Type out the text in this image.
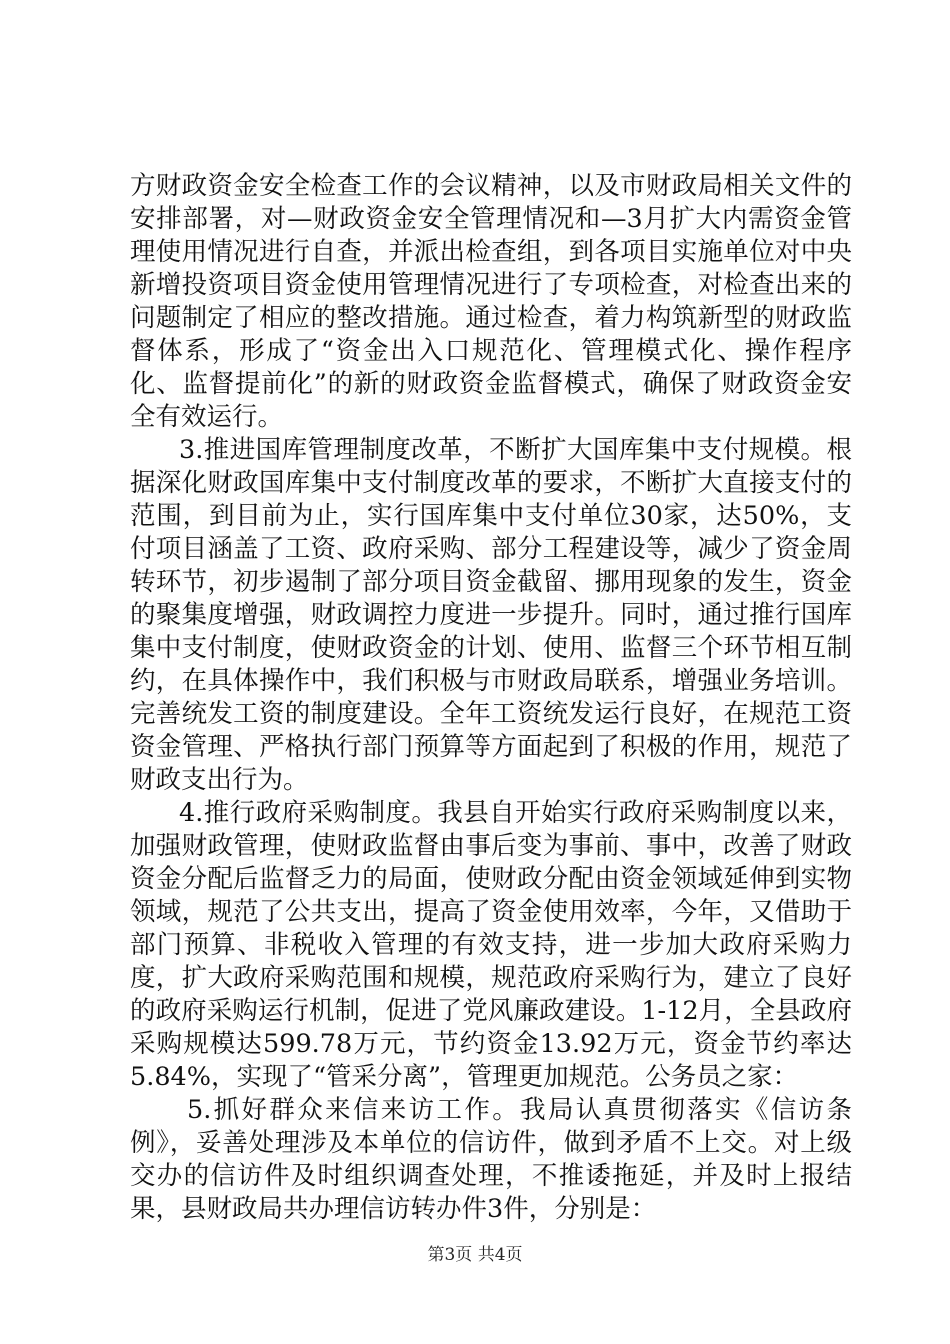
方财政资金安全检查工作的会议精神，以及市财政局相关文件的安排部署，对—财政资金安全管理情况和—3月扩大内需资金管理使用情况进行自查，并派出检查组，到各项目实施单位对中央新增投资项目资金使用管理情况进行了专项检查，对检查出来的问题制定了相应的整改措施。通过检查，着力构筑新型的财政监督体系，形成了“资金出入口规范化、管理模式化、操作程序化、监督提前化”的新的财政资金监督模式，确保了财政资金安全有效运行。

3.推进国库管理制度改革，不断扩大国库集中支付规模。根据深化财政国库集中支付制度改革的要求，不断扩大直接支付的范围，到目前为止，实行国库集中支付单位30家，达50%，支付项目涵盖了工资、政府采购、部分工程建设等，减少了资金周转环节，初步遏制了部分项目资金截留、挪用现象的发生，资金的聚集度增强，财政调控力度进一步提升。同时，通过推行国库集中支付制度，使财政资金的计划、使用、监督三个环节相互制约，在具体操作中，我们积极与市财政局联系，增强业务培训。完善统发工资的制度建设。全年工资统发运行良好，在规范工资资金管理、严格执行部门预算等方面起到了积极的作用，规范了财政支出行为。

4.推行政府采购制度。我县自开始实行政府采购制度以来，加强财政管理，使财政监督由事后变为事前、事中，改善了财政资金分配后监督乏力的局面，使财政分配由资金领域延伸到实物领域，规范了公共支出，提高了资金使用效率，今年，又借助于部门预算、非税收入管理的有效支持，进一步加大政府采购力度，扩大政府采购范围和规模，规范政府采购行为，建立了良好的政府采购运行机制，促进了党风廉政建设。1-12月，全县政府采购规模达599.78万元，节约资金13.92万元，资金节约率达5.84%，实现了“管采分离”，管理更加规范。公务员之家：

5.抓好群众来信来访工作。我局认真贯彻落实《信访条例》，妥善处理涉及本单位的信访件，做到矛盾不上交。对上级交办的信访件及时组织调查处理，不推诿拖延，并及时上报结果，县财政局共办理信访转办件3件，分别是：

第3页 共4页
